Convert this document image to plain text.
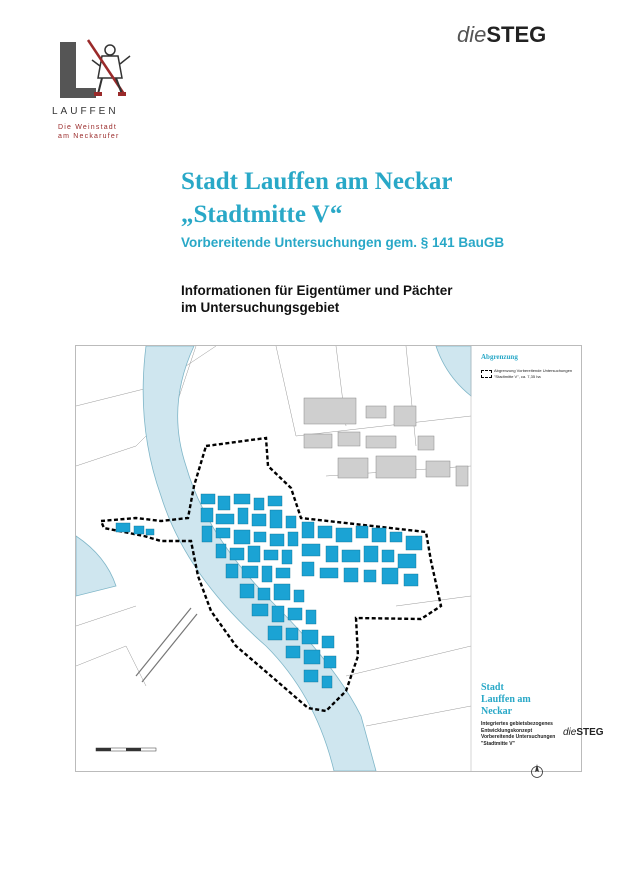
LAUFFEN
Die Weinstadt
am Neckarufer
dieSTEG
Stadt Lauffen am Neckar
„Stadtmitte V“
Vorbereitende Untersuchungen gem. § 141 BauGB
Informationen für Eigentümer und Pächter
im Untersuchungsgebiet
Abgrenzung
Abgrenzung Vorbereitende Untersuchungen
"Stadtmitte V", ca. 7,35 ha
Stadt
Lauffen am
Neckar
Integriertes gebietsbezogenes
Entwicklungskonzept
Vorbereitende Untersuchungen
"Stadtmitte V"
dieSTEG
